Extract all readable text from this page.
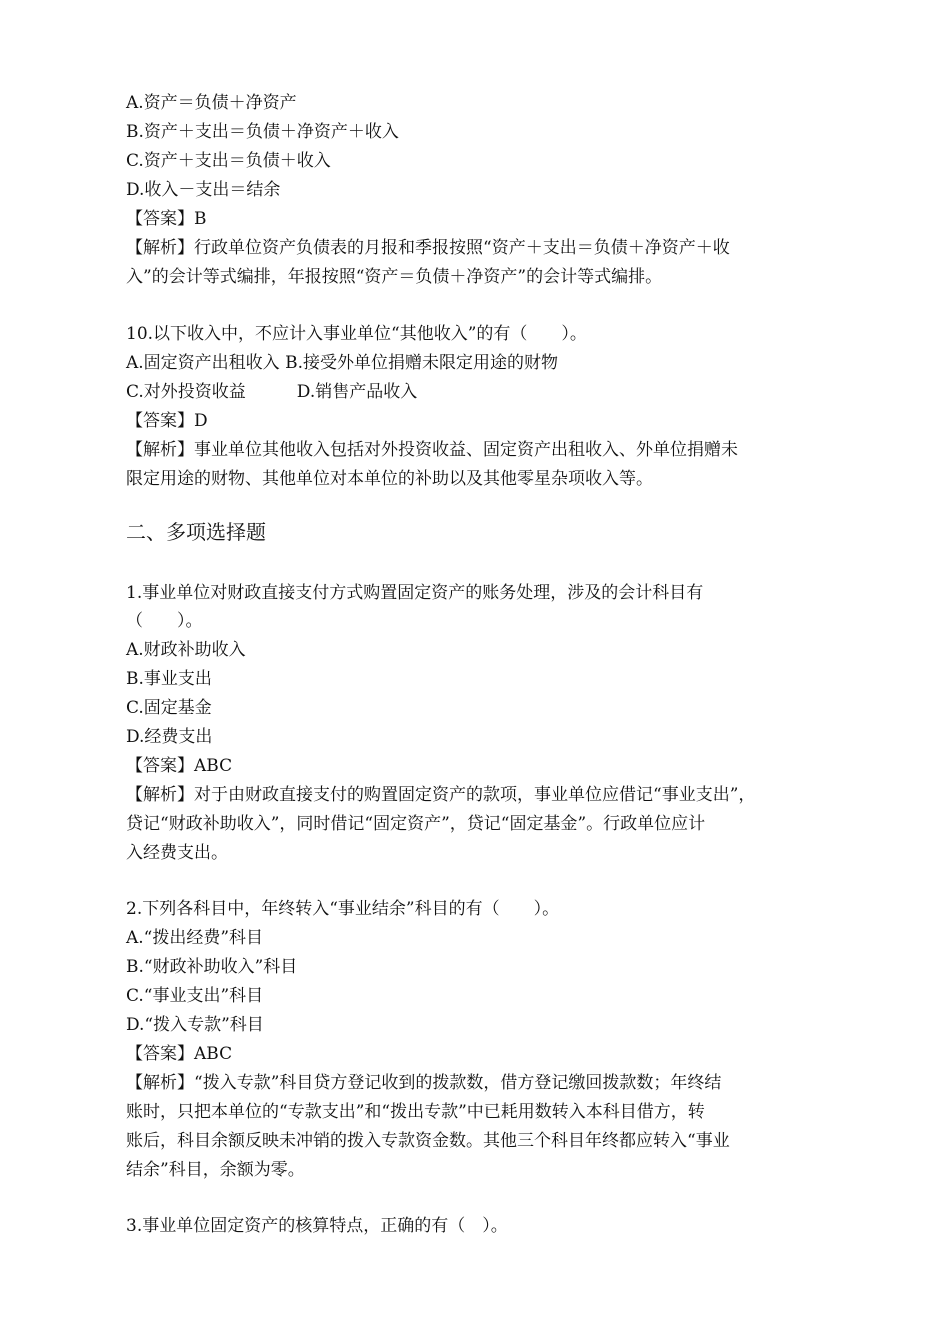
A.资产＝负债＋净资产
B.资产＋支出＝负债＋净资产＋收入
C.资产＋支出＝负债＋收入
D.收入－支出＝结余
【答案】B
【解析】行政单位资产负债表的月报和季报按照“资产＋支出＝负债＋净资产＋收
入”的会计等式编排，年报按照“资产＝负债＋净资产”的会计等式编排。
10.以下收入中，不应计入事业单位“其他收入”的有（　　）。
A.固定资产出租收入 B.接受外单位捐赠未限定用途的财物
C.对外投资收益　　　D.销售产品收入
【答案】D
【解析】事业单位其他收入包括对外投资收益、固定资产出租收入、外单位捐赠未
限定用途的财物、其他单位对本单位的补助以及其他零星杂项收入等。
二、多项选择题
1.事业单位对财政直接支付方式购置固定资产的账务处理，涉及的会计科目有
（　　）。
A.财政补助收入
B.事业支出
C.固定基金
D.经费支出
【答案】ABC
【解析】对于由财政直接支付的购置固定资产的款项，事业单位应借记“事业支出”，
贷记“财政补助收入”，同时借记“固定资产”，贷记“固定基金”。行政单位应计
入经费支出。
2.下列各科目中，年终转入“事业结余”科目的有（　　）。
A.“拨出经费”科目
B.“财政补助收入”科目
C.“事业支出”科目
D.“拨入专款”科目
【答案】ABC
【解析】“拨入专款”科目贷方登记收到的拨款数，借方登记缴回拨款数；年终结
账时，只把本单位的“专款支出”和“拨出专款”中已耗用数转入本科目借方，转
账后，科目余额反映未冲销的拨入专款资金数。其他三个科目年终都应转入“事业
结余”科目，余额为零。
3.事业单位固定资产的核算特点，正确的有（　）。
